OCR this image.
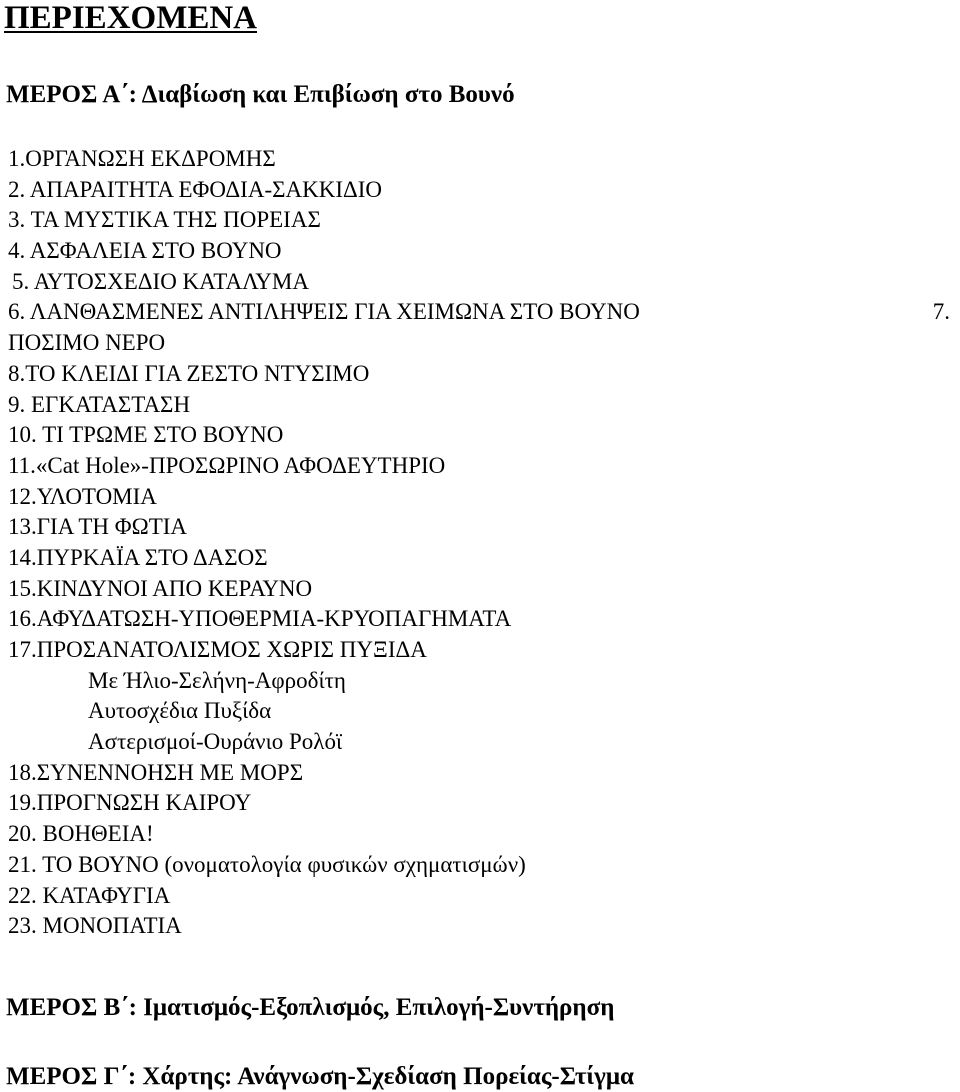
ΠΕΡΙΕΧΟΜΕΝΑ
ΜΕΡΟΣ Α΄: Διαβίωση και Επιβίωση στο Βουνό
1.ΟΡΓΑΝΩΣΗ ΕΚΔΡΟΜΗΣ
2. ΑΠΑΡΑΙΤΗΤΑ ΕΦΟΔΙΑ-ΣΑΚΚΙΔΙΟ
3. ΤΑ ΜΥΣΤΙΚΑ ΤΗΣ ΠΟΡΕΙΑΣ
4. ΑΣΦΑΛΕΙΑ ΣΤΟ ΒΟΥΝΟ
5. ΑΥΤΟΣΧΕΔΙΟ ΚΑΤΑΛΥΜΑ
6. ΛΑΝΘΑΣΜΕΝΕΣ ΑΝΤΙΛΗΨΕΙΣ ΓΙΑ ΧΕΙΜΩΝΑ ΣΤΟ ΒΟΥΝΟ	7.
ΠΟΣΙΜΟ ΝΕΡΟ
8.ΤΟ ΚΛΕΙΔΙ ΓΙΑ ΖΕΣΤΟ ΝΤΥΣΙΜΟ
9. ΕΓΚΑΤΑΣΤΑΣΗ
10. ΤΙ ΤΡΩΜΕ ΣΤΟ ΒΟΥΝΟ
11.«Cat Hole»-ΠΡΟΣΩΡΙΝΟ ΑΦΟΔΕΥΤΗΡΙΟ
12.ΥΛΟΤΟΜΙΑ
13.ΓΙΑ ΤΗ ΦΩΤΙΑ
14.ΠΥΡΚΑΪΑ ΣΤΟ ΔΑΣΟΣ
15.ΚΙΝΔΥΝΟΙ ΑΠΟ ΚΕΡΑΥΝΟ
16.ΑΦΥΔΑΤΩΣΗ-ΥΠΟΘΕΡΜΙΑ-ΚΡΥΟΠΑΓΗΜΑΤΑ
17.ΠΡΟΣΑΝΑΤΟΛΙΣΜΟΣ ΧΩΡΙΣ ΠΥΞΙΔΑ
Με Ήλιο-Σελήνη-Αφροδίτη
Αυτοσχέδια Πυξίδα
Αστερισμοί-Ουράνιο Ρολόϊ
18.ΣΥΝΕΝΝΟΗΣΗ ΜΕ ΜΟΡΣ
19.ΠΡΟΓΝΩΣΗ ΚΑΙΡΟΥ
20. ΒΟΗΘΕΙΑ!
21. ΤΟ ΒΟΥΝΟ (ονοματολογία φυσικών σχηματισμών)
22. ΚΑΤΑΦΥΓΙΑ
23. ΜΟΝΟΠΑΤΙΑ
ΜΕΡΟΣ Β΄: Ιματισμός-Εξοπλισμός, Επιλογή-Συντήρηση
ΜΕΡΟΣ Γ΄: Χάρτης: Ανάγνωση-Σχεδίαση Πορείας-Στίγμα
